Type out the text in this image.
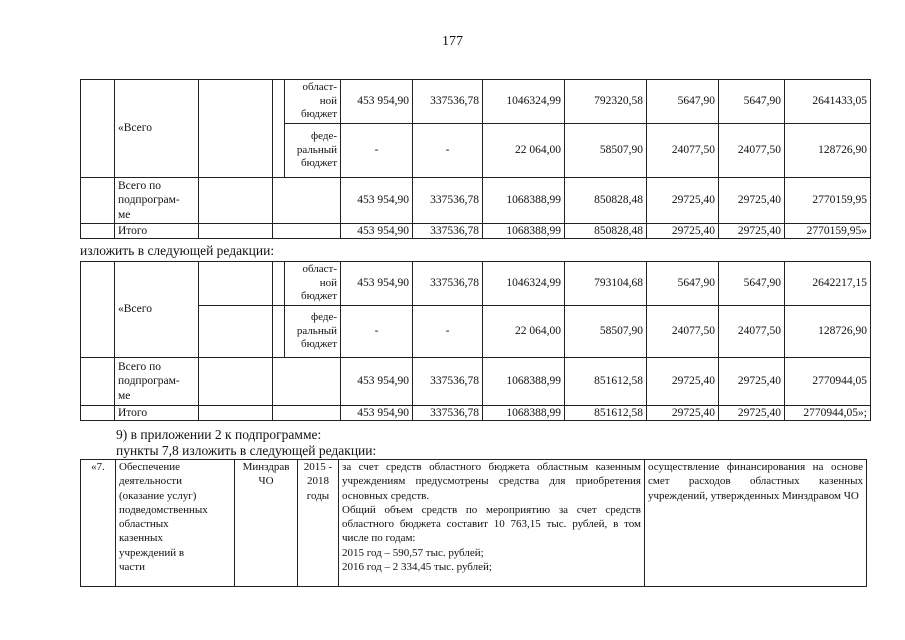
177
	«Всего			област-
ной
бюджет	453 954,90	337536,78	1046324,99	792320,58	5647,90	5647,90	2641433,05
				феде-
ральный
бюджет	-	-	22 064,00	58507,90	24077,50	24077,50	128726,90
	Всего по
подпрограм-
ме				453 954,90	337536,78	1068388,99	850828,48	29725,40	29725,40	2770159,95
	Итого				453 954,90	337536,78	1068388,99	850828,48	29725,40	29725,40	2770159,95»
изложить в следующей редакции:
	«Всего			област-
ной
бюджет	453 954,90	337536,78	1046324,99	793104,68	5647,90	5647,90	2642217,15
				феде-
ральный
бюджет	-	-	22 064,00	58507,90	24077,50	24077,50	128726,90
	Всего по
подпрограм-
ме				453 954,90	337536,78	1068388,99	851612,58	29725,40	29725,40	2770944,05
	Итого				453 954,90	337536,78	1068388,99	851612,58	29725,40	29725,40	2770944,05»;
9) в приложении 2 к подпрограмме:
пункты 7,8 изложить в следующей редакции:
«7.	Обеспечение
деятельности
(оказание услуг)
подведомственных
областных
казенных
учреждений в
части	Минздрав
ЧО	2015 -
2018
годы	за счет средств областного бюджета областным казенным учреждениям предусмотрены средства для приобретения основных средств.
Общий объем средств по мероприятию за счет средств областного бюджета составит 10 763,15 тыс. рублей, в том числе по годам:
2015 год – 590,57 тыс. рублей;
2016 год – 2 334,45 тыс. рублей;	осуществление финансирования на основе смет расходов областных казенных учреждений, утвержденных Минздравом ЧО
